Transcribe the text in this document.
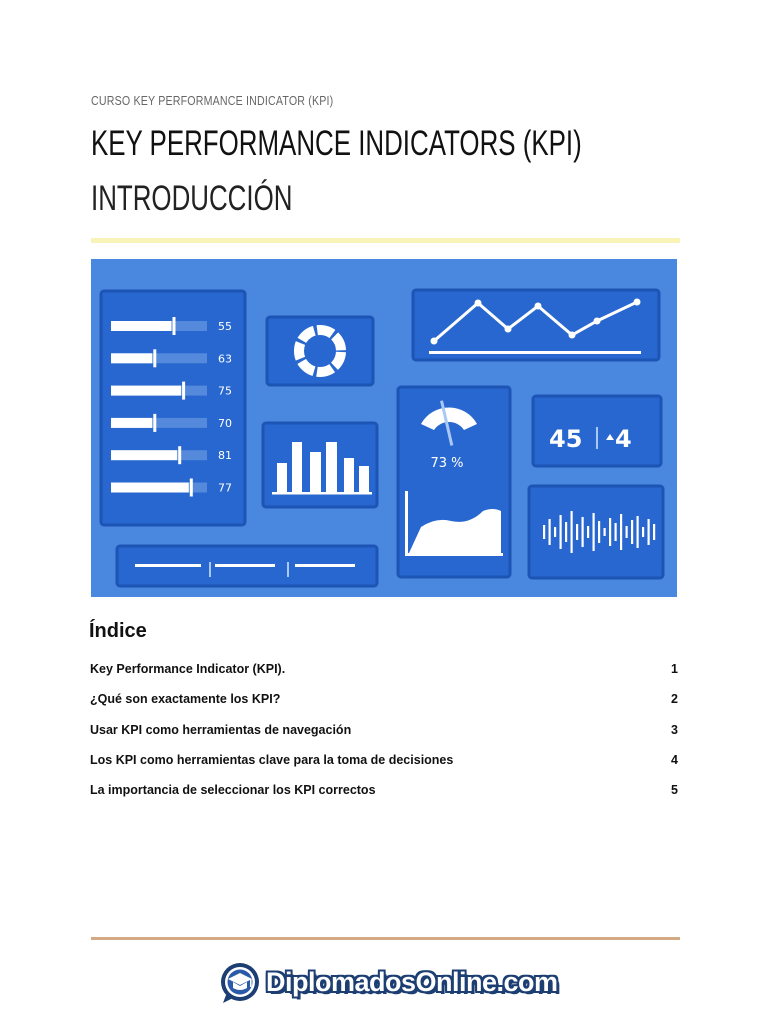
CURSO KEY PERFORMANCE INDICATOR (KPI)
KEY PERFORMANCE INDICATORS (KPI)
INTRODUCCIÓN
55
63
75
70
81
77
73 %
45 4
Índice
Key Performance Indicator (KPI).	1
¿Qué son exactamente los KPI?	2
Usar KPI como herramientas de navegación	3
Los KPI como herramientas clave para la toma de decisiones	4
La importancia de seleccionar los KPI correctos	5
DiplomadosOnline.com
